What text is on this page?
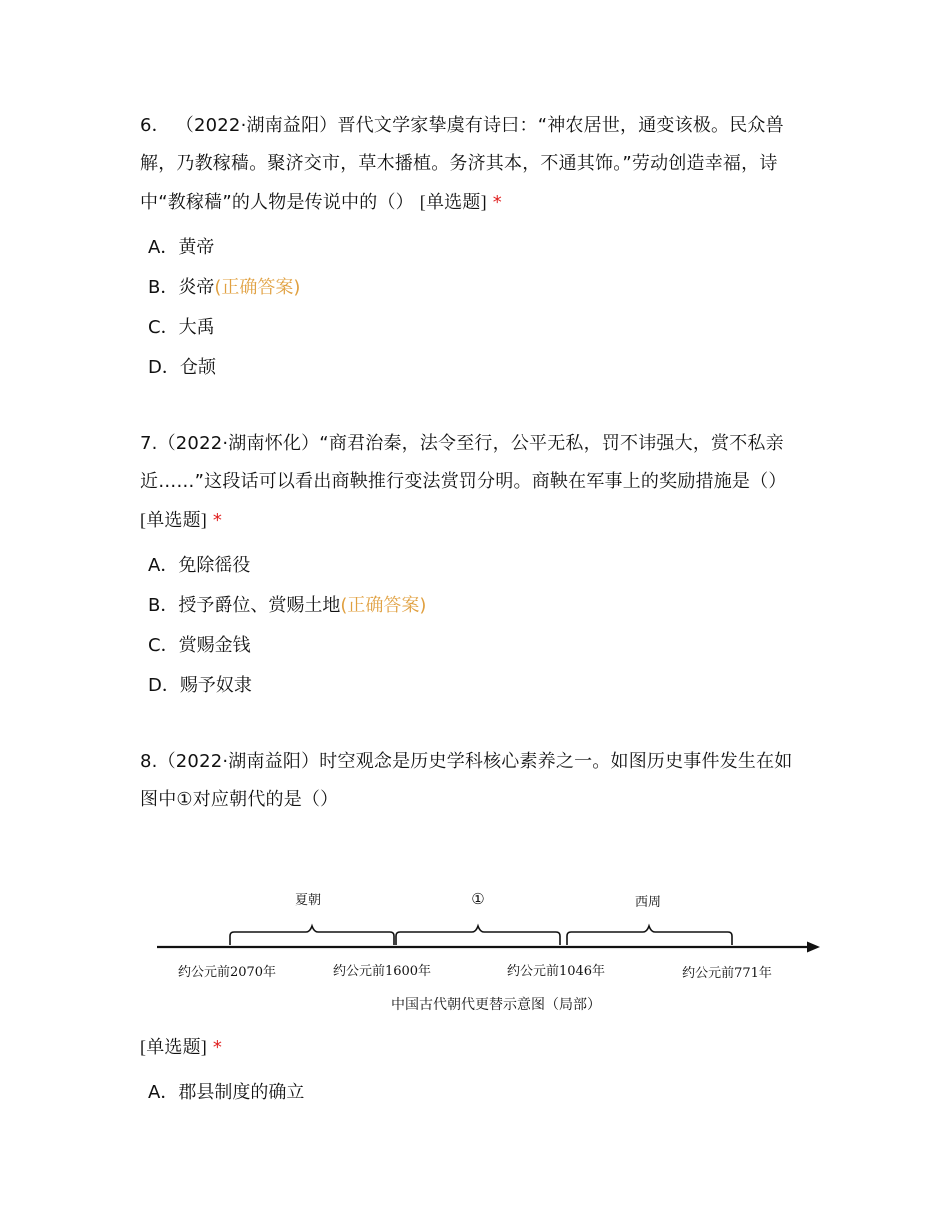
6． （2022·湖南益阳）晋代文学家挚虞有诗曰：“神农居世，通变该极。民众兽解，乃教稼穑。聚济交市，草木播植。务济其本，不通其饰。”劳动创造幸福，诗中“教稼穑”的人物是传说中的（） [单选题] *
A．黄帝
B．炎帝(正确答案)
C．大禹
D．仓颉
7.（2022·湖南怀化）“商君治秦，法令至行，公平无私，罚不讳强大，赏不私亲近……”这段话可以看出商鞅推行变法赏罚分明。商鞅在军事上的奖励措施是（） [单选题] *
A．免除徭役
B．授予爵位、赏赐土地(正确答案)
C．赏赐金钱
D．赐予奴隶
8.（2022·湖南益阳）时空观念是历史学科核心素养之一。如图历史事件发生在如图中①对应朝代的是（）
夏朝	①	西周
约公元前2070年	约公元前1600年	约公元前1046年	约公元前771年
中国古代朝代更替示意图（局部）
[单选题] *
A．郡县制度的确立
